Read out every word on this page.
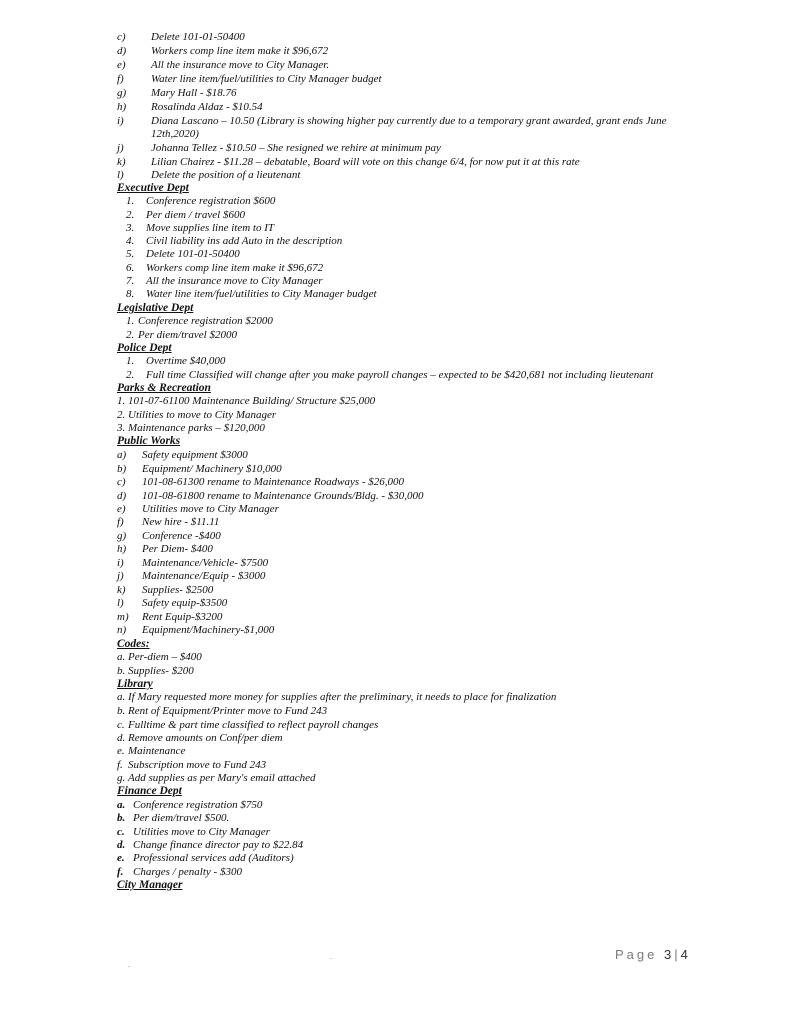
c) Delete 101-01-50400
d) Workers comp line item make it $96,672
e) All the insurance move to City Manager.
f) Water line item/fuel/utilities to City Manager budget
g) Mary Hall - $18.76
h) Rosalinda Aldaz - $10.54
i) Diana Lascano – 10.50 (Library is showing higher pay currently due to a temporary grant awarded, grant ends June
12th,2020)
j) Johanna Tellez - $10.50 – She resigned we rehire at minimum pay
k) Lilian Chairez - $11.28 – debatable, Board will vote on this change 6/4, for now put it at this rate
l) Delete the position of a lieutenant
Executive Dept
1. Conference registration $600
2. Per diem / travel $600
3. Move supplies line item to IT
4. Civil liability ins add Auto in the description
5. Delete 101-01-50400
6. Workers comp line item make it $96,672
7. All the insurance move to City Manager
8. Water line item/fuel/utilities to City Manager budget
Legislative Dept
1. Conference registration $2000
2. Per diem/travel $2000
Police Dept
1. Overtime $40,000
2. Full time Classified will change after you make payroll changes – expected to be $420,681 not including lieutenant
Parks & Recreation
1. 101-07-61100 Maintenance Building/ Structure $25,000
2. Utilities to move to City Manager
3. Maintenance parks – $120,000
Public Works
a) Safety equipment $3000
b) Equipment/ Machinery $10,000
c) 101-08-61300 rename to Maintenance Roadways - $26,000
d) 101-08-61800 rename to Maintenance Grounds/Bldg. - $30,000
e) Utilities move to City Manager
f) New hire - $11.11
g) Conference -$400
h) Per Diem- $400
i) Maintenance/Vehicle- $7500
j) Maintenance/Equip - $3000
k) Supplies- $2500
l) Safety equip-$3500
m) Rent Equip-$3200
n) Equipment/Machinery-$1,000
Codes:
a. Per-diem – $400
b. Supplies- $200
Library
a. If Mary requested more money for supplies after the preliminary, it needs to place for finalization
b. Rent of Equipment/Printer move to Fund 243
c. Fulltime & part time classified to reflect payroll changes
d. Remove amounts on Conf/per diem
e. Maintenance
f. Subscription move to Fund 243
g. Add supplies as per Mary's email attached
Finance Dept
a. Conference registration $750
b. Per diem/travel $500.
c. Utilities move to City Manager
d. Change finance director pay to $22.84
e. Professional services add (Auditors)
f. Charges / penalty - $300
City Manager
Page 3|4
